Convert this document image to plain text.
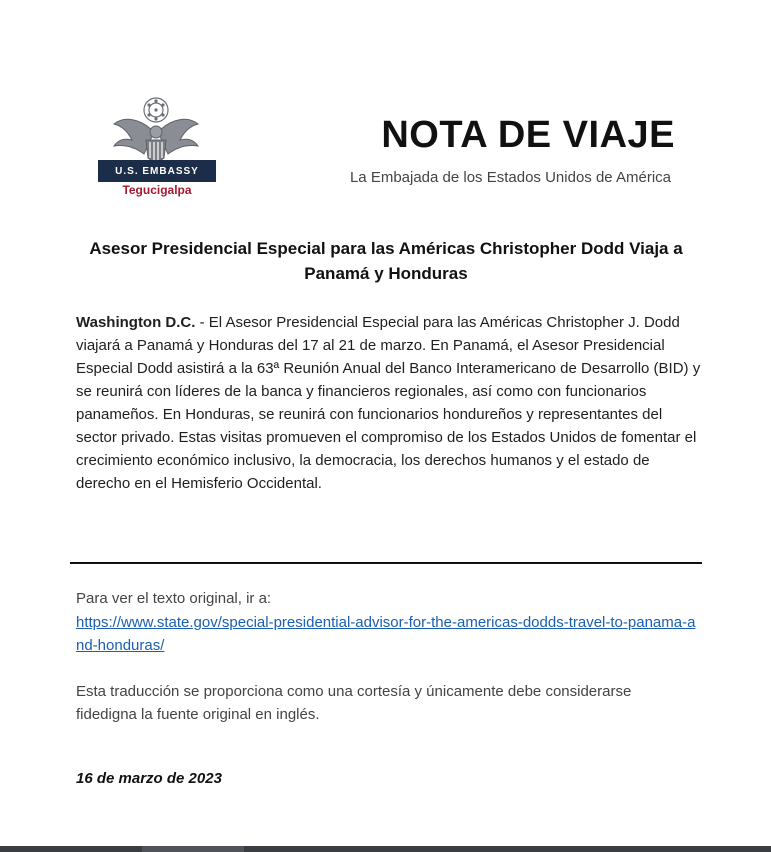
U.S. EMBASSY
Tegucigalpa
NOTA DE VIAJE
La Embajada de los Estados Unidos de América
Asesor Presidencial Especial para las Américas Christopher Dodd Viaja a Panamá y Honduras
Washington D.C. - El Asesor Presidencial Especial para las Américas Christopher J. Dodd viajará a Panamá y Honduras del 17 al 21 de marzo. En Panamá, el Asesor Presidencial Especial Dodd asistirá a la 63ª Reunión Anual del Banco Interamericano de Desarrollo (BID) y se reunirá con líderes de la banca y financieros regionales, así como con funcionarios panameños. En Honduras, se reunirá con funcionarios hondureños y representantes del sector privado. Estas visitas promueven el compromiso de los Estados Unidos de fomentar el crecimiento económico inclusivo, la democracia, los derechos humanos y el estado de derecho en el Hemisferio Occidental.
Para ver el texto original, ir a:
https://www.state.gov/special-presidential-advisor-for-the-americas-dodds-travel-to-panama-and-honduras/
Esta traducción se proporciona como una cortesía y únicamente debe considerarse fidedigna la fuente original en inglés.
16 de marzo de 2023
